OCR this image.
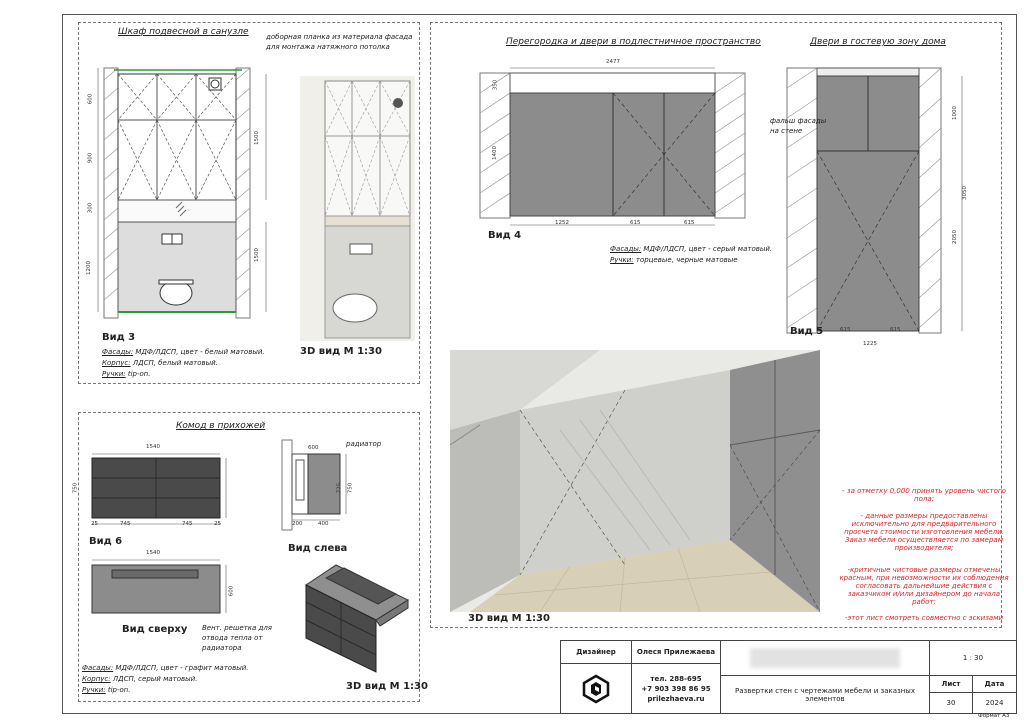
Шкаф подвесной в санузле доборная планка из материала фасада
для монтажа натяжного потолка
600
900
300
1200
1500
1500
Вид 3
3D вид М 1:30
Фасады: МДФ/ЛДСП, цвет - белый матовый.
Корпус: ЛДСП, белый матовый.
Ручки: tip-on.
Перегородка и двери в подлестничное пространство
2477
1252	615	615
350
1400
Вид 4
Фасады: МДФ/ЛДСП, цвет - серый матовый.
Ручки: торцевые, черные матовые
Двери в гостевую зону дома
фальш фасады
на стене
615	615
1225
1000
3050
2050
Вид 5
3D вид М 1:30
- за отметку 0,000 принять уровень чистого пола;
- данные размеры предоставлены исключительно для предварительного просчета стоимости изготовления мебели. Заказ мебели осуществляется по замерам производителя;
-критичные чистовые размеры отмечены красным, при невозможности их соблюдения согласовать дальнейшие действия с заказчиком и/или дизайнером до начала работ;
-этот лист смотреть совместно с эскизами
Комод в прихожей
1540
25	745	745	25
750
Вид 6
1540
600
Вид сверху Вент. решетка для
отвода тепла от
радиатора
600	радиатор
200	400
725 750
Вид слева
3D вид М 1:30
Фасады: МДФ/ЛДСП, цвет - графит матовый.
Корпус: ЛДСП, серый матовый.
Ручки: tip-on.
Дизайнер	Олеся Прилежаева
тел. 288-695
+7 903 398 86 95
prilezhaeva.ru
Развертки стен с чертежами мебели и заказных элементов
1 : 30
Лист	Дата
30	2024
Формат А3
